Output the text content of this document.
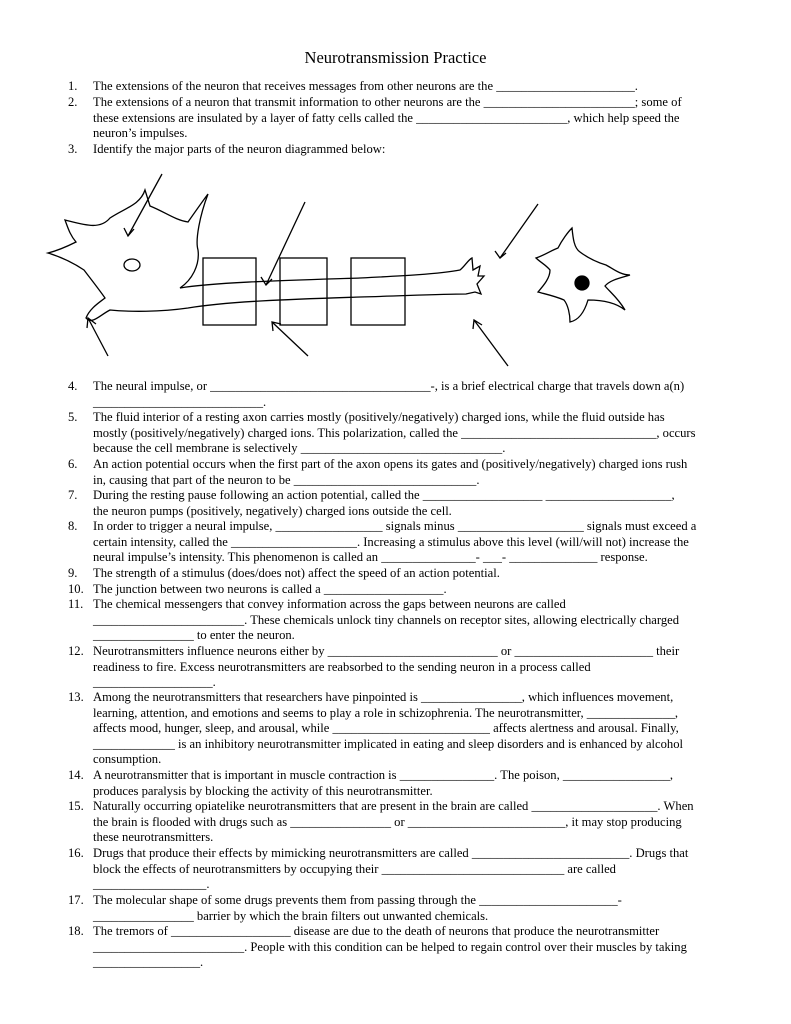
Neurotransmission Practice
1.	The extensions of the neuron that receives messages from other neurons are the ______________________.
2.	The extensions of a neuron that transmit information to other neurons are the ________________________; some of
these extensions are insulated by a layer of fatty cells called the ________________________, which help speed the
neuron’s impulses.
3.	Identify the major parts of the neuron diagrammed below:
4.	The neural impulse, or ___________________________________-, is a brief electrical charge that travels down a(n)
___________________________.
5.	The fluid interior of a resting axon carries mostly (positively/negatively) charged ions, while the fluid outside has
mostly (positively/negatively) charged ions. This polarization, called the _______________________________, occurs
because the cell membrane is selectively ________________________________.
6.	An action potential occurs when the first part of the axon opens its gates and (positively/negatively) charged ions rush
in, causing that part of the neuron to be _____________________________.
7.	During the resting pause following an action potential, called the ___________________ ____________________,
the neuron pumps (positively, negatively) charged ions outside the cell.
8.	In order to trigger a neural impulse, _________________ signals minus ____________________ signals must exceed a
certain intensity, called the ____________________. Increasing a stimulus above this level (will/will not) increase the
neural impulse’s intensity. This phenomenon is called an _______________- ___- ______________ response.
9.	The strength of a stimulus (does/does not) affect the speed of an action potential.
10. The junction between two neurons is called a ___________________.
11. The chemical messengers that convey information across the gaps between neurons are called
________________________. These chemicals unlock tiny channels on receptor sites, allowing electrically charged
________________ to enter the neuron.
12. Neurotransmitters influence neurons either by ___________________________ or ______________________ their
readiness to fire. Excess neurotransmitters are reabsorbed to the sending neuron in a process called
___________________.
13. Among the neurotransmitters that researchers have pinpointed is ________________, which influences movement,
learning, attention, and emotions and seems to play a role in schizophrenia. The neurotransmitter, ______________,
affects mood, hunger, sleep, and arousal, while _________________________ affects alertness and arousal. Finally,
_____________ is an inhibitory neurotransmitter implicated in eating and sleep disorders and is enhanced by alcohol
consumption.
14. A neurotransmitter that is important in muscle contraction is _______________. The poison, _________________,
produces paralysis by blocking the activity of this neurotransmitter.
15. Naturally occurring opiatelike neurotransmitters that are present in the brain are called ____________________. When
the brain is flooded with drugs such as ________________ or _________________________, it may stop producing
these neurotransmitters.
16. Drugs that produce their effects by mimicking neurotransmitters are called _________________________. Drugs that
block the effects of neurotransmitters by occupying their _____________________________ are called
__________________.
17. The molecular shape of some drugs prevents them from passing through the ______________________-
________________ barrier by which the brain filters out unwanted chemicals.
18. The tremors of ___________________ disease are due to the death of neurons that produce the neurotransmitter
________________________. People with this condition can be helped to regain control over their muscles by taking
_________________.
